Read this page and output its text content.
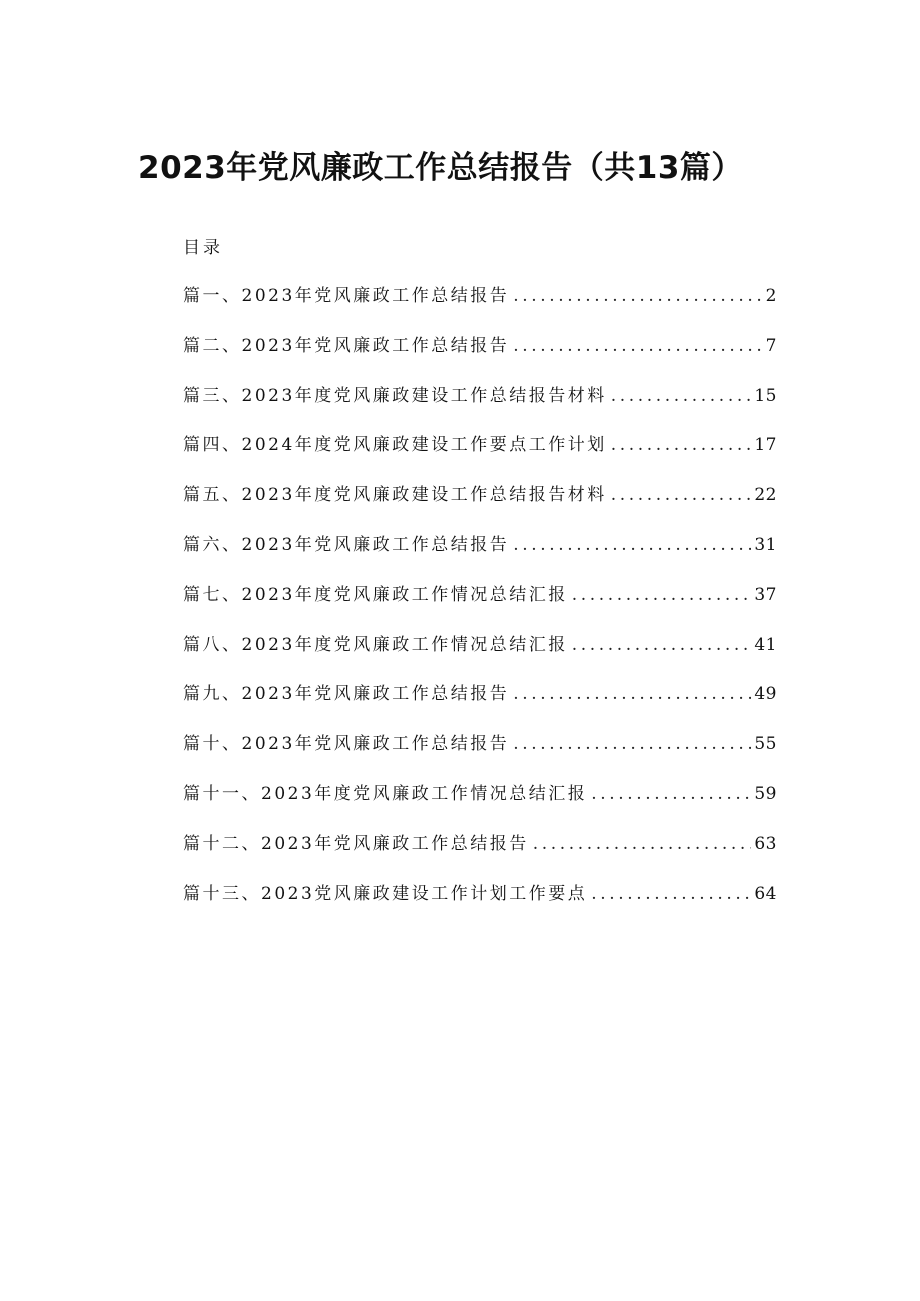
2023年党风廉政工作总结报告（共13篇）
目录
篇一、2023年党风廉政工作总结报告 .....	2
篇二、2023年党风廉政工作总结报告 .....	7
篇三、2023年度党风廉政建设工作总结报告材料 .....	15
篇四、2024年度党风廉政建设工作要点工作计划 .....	17
篇五、2023年度党风廉政建设工作总结报告材料 .....	22
篇六、2023年党风廉政工作总结报告 .....	31
篇七、2023年度党风廉政工作情况总结汇报 .....	37
篇八、2023年度党风廉政工作情况总结汇报 .....	41
篇九、2023年党风廉政工作总结报告 .....	49
篇十、2023年党风廉政工作总结报告 .....	55
篇十一、2023年度党风廉政工作情况总结汇报 .....	59
篇十二、2023年党风廉政工作总结报告 .....	63
篇十三、2023党风廉政建设工作计划工作要点 .....	64
